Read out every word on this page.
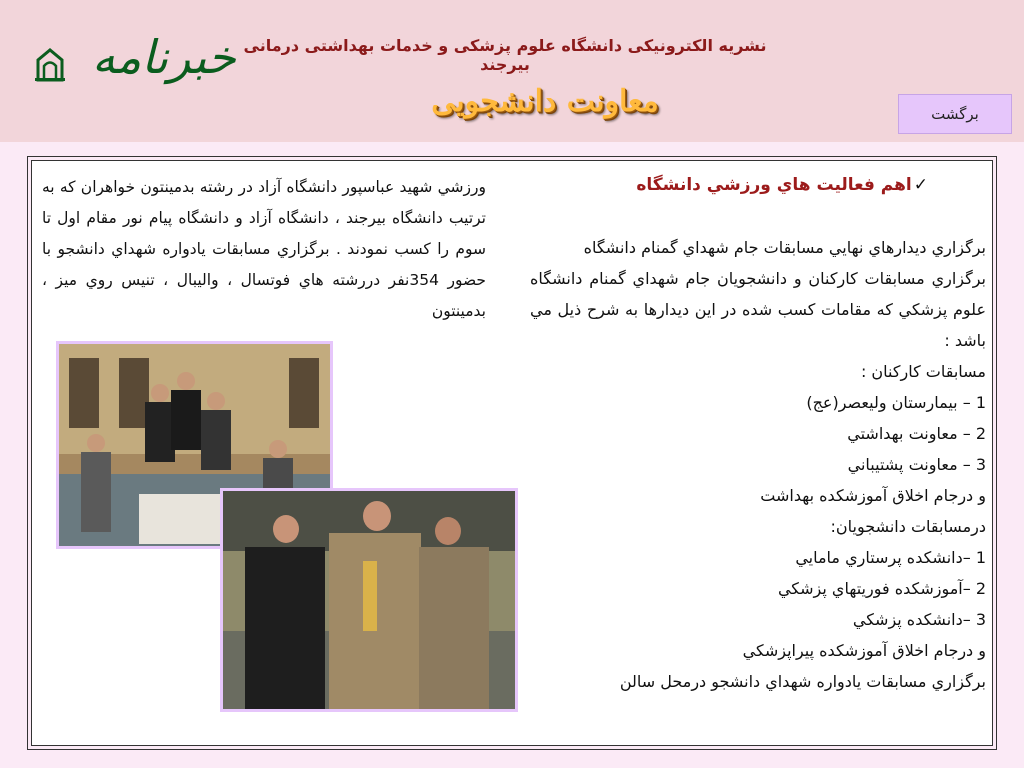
خبرنامه نشريه الكترونيكی دانشگاه علوم پزشكی و خدمات بهداشتی درمانی بيرجند
معاونت دانشجويی	برگشت
✓اهم فعاليت هاي ورزشي دانشگاه
برگزاري ديدارهاي نهايي مسابقات جام شهداي گمنام دانشگاه
برگزاري مسابقات كاركنان و دانشجويان جام شهداي گمنام دانشگاه علوم پزشكي كه مقامات كسب شده در اين ديدارها به شرح ذيل مي باشد :
مسابقات كاركنان :
1 – بيمارستان وليعصر(عج)
2 – معاونت بهداشتي
3 – معاونت پشتيباني
و درجام اخلاق آموزشكده بهداشت
درمسابقات دانشجويان:
1 –دانشكده پرستاري مامايي
2 –آموزشكده فوريتهاي پزشكي
3 –دانشكده پزشكي
و درجام اخلاق آموزشكده پيراپزشكي
برگزاري مسابقات يادواره شهداي دانشجو درمحل سالن
ورزشي شهيد عباسپور دانشگاه آزاد در رشته بدمينتون خواهران كه به ترتيب دانشگاه بيرجند ، دانشگاه آزاد و دانشگاه پيام نور مقام اول تا سوم را كسب نمودند . برگزاري مسابقات يادواره شهداي دانشجو با حضور 354نفر دررشته هاي فوتسال ، واليبال ، تنيس روي ميز ، بدمينتون
